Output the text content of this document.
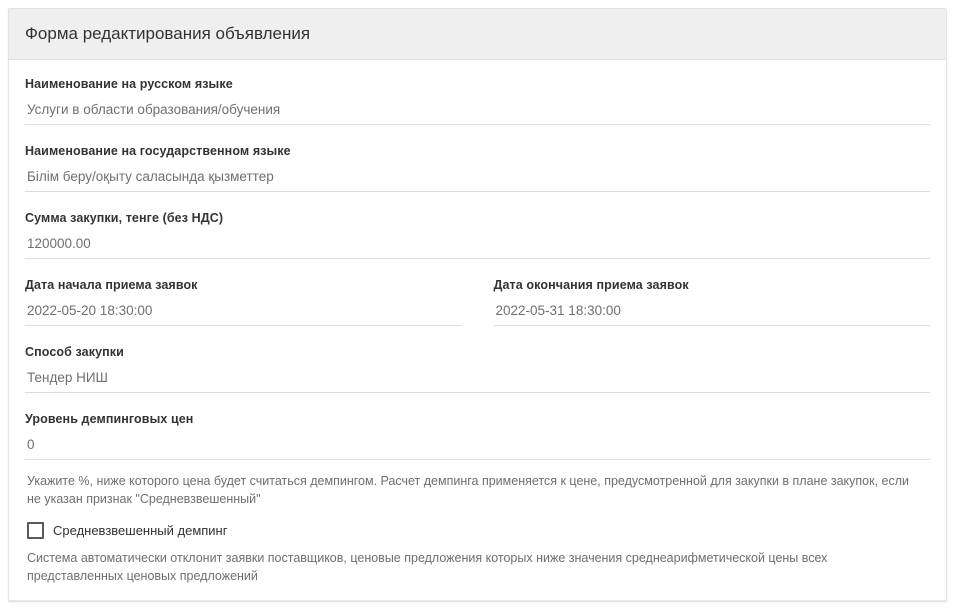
Форма редактирования объявления
Наименование на русском языке
Услуги в области образования/обучения
Наименование на государственном языке
Білім беру/оқыту саласында қызметтер
Сумма закупки, тенге (без НДС)
120000.00
Дата начала приема заявок
2022-05-20 18:30:00	Дата окончания приема заявок
2022-05-31 18:30:00
Способ закупки
Тендер НИШ
Уровень демпинговых цен
0
Укажите %, ниже которого цена будет считаться демпингом. Расчет демпинга применяется к цене, предусмотренной для закупки в плане закупок, если не указан признак "Средневзвешенный"
Средневзвешенный демпинг
Система автоматически отклонит заявки поставщиков, ценовые предложения которых ниже значения среднеарифметической цены всех представленных ценовых предложений
